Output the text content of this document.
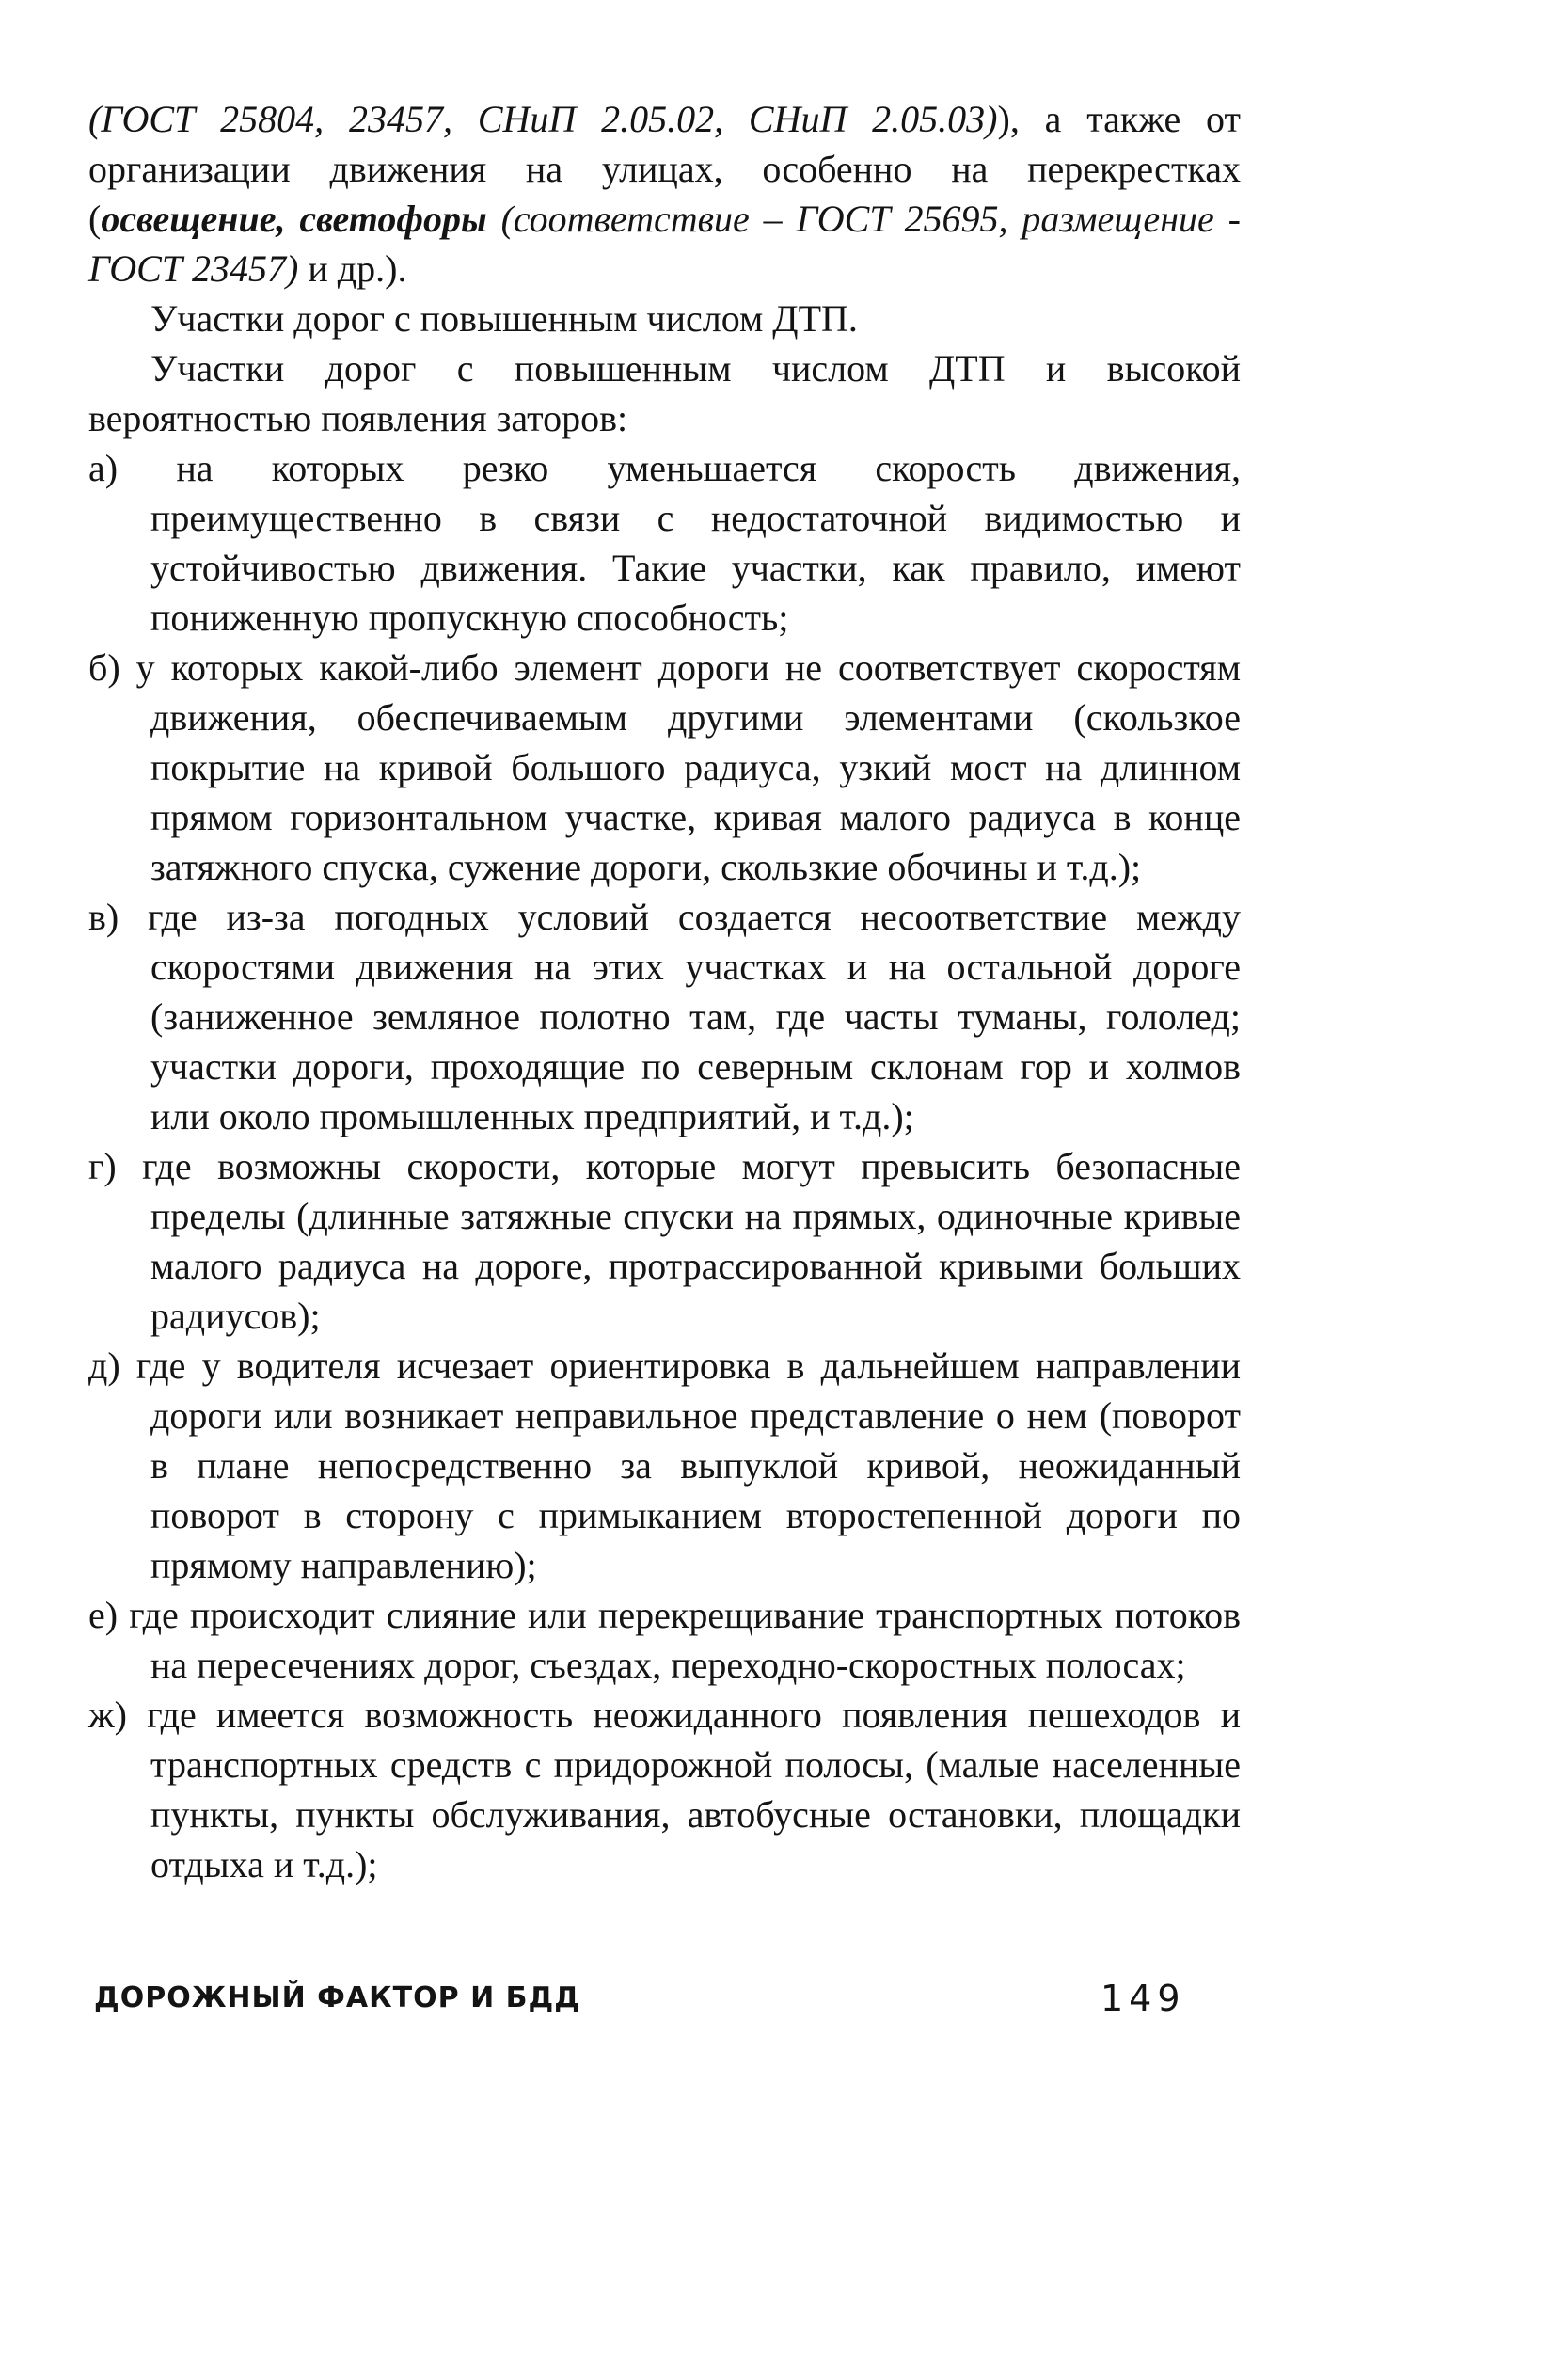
(ГОСТ 25804, 23457, СНиП 2.05.02, СНиП 2.05.03)), а также от организации движения на улицах, особенно на перекрестках (освещение, светофоры (соответствие – ГОСТ 25695, размещение - ГОСТ 23457) и др.).

Участки дорог с повышенным числом ДТП.

Участки дорог с повышенным числом ДТП и высокой вероятностью появления заторов:

а) на которых резко уменьшается скорость движения, преимущественно в связи с недостаточной видимостью и устойчивостью движения. Такие участки, как правило, имеют пониженную пропускную способность;

б) у которых какой-либо элемент дороги не соответствует скоростям движения, обеспечиваемым другими элементами (скользкое покрытие на кривой большого радиуса, узкий мост на длинном прямом горизонтальном участке, кривая малого радиуса в конце затяжного спуска, сужение дороги, скользкие обочины и т.д.);

в) где из-за погодных условий создается несоответствие между скоростями движения на этих участках и на остальной дороге (заниженное земляное полотно там, где часты туманы, гололед; участки дороги, проходящие по северным склонам гор и холмов или около промышленных предприятий, и т.д.);

г) где возможны скорости, которые могут превысить безопасные пределы (длинные затяжные спуски на прямых, одиночные кривые малого радиуса на дороге, протрассированной кривыми больших радиусов);

д) где у водителя исчезает ориентировка в дальнейшем направлении дороги или возникает неправильное представление о нем (поворот в плане непосредственно за выпуклой кривой, неожиданный поворот в сторону с примыканием второстепенной дороги по прямому направлению);

е) где происходит слияние или перекрещивание транспортных потоков на пересечениях дорог, съездах, переходно-скоростных полосах;

ж) где имеется возможность неожиданного появления пешеходов и транспортных средств с придорожной полосы, (малые населенные пункты, пункты обслуживания, автобусные остановки, площадки отдыха и т.д.);

ДОРОЖНЫЙ ФАКТОР И БДД	149
